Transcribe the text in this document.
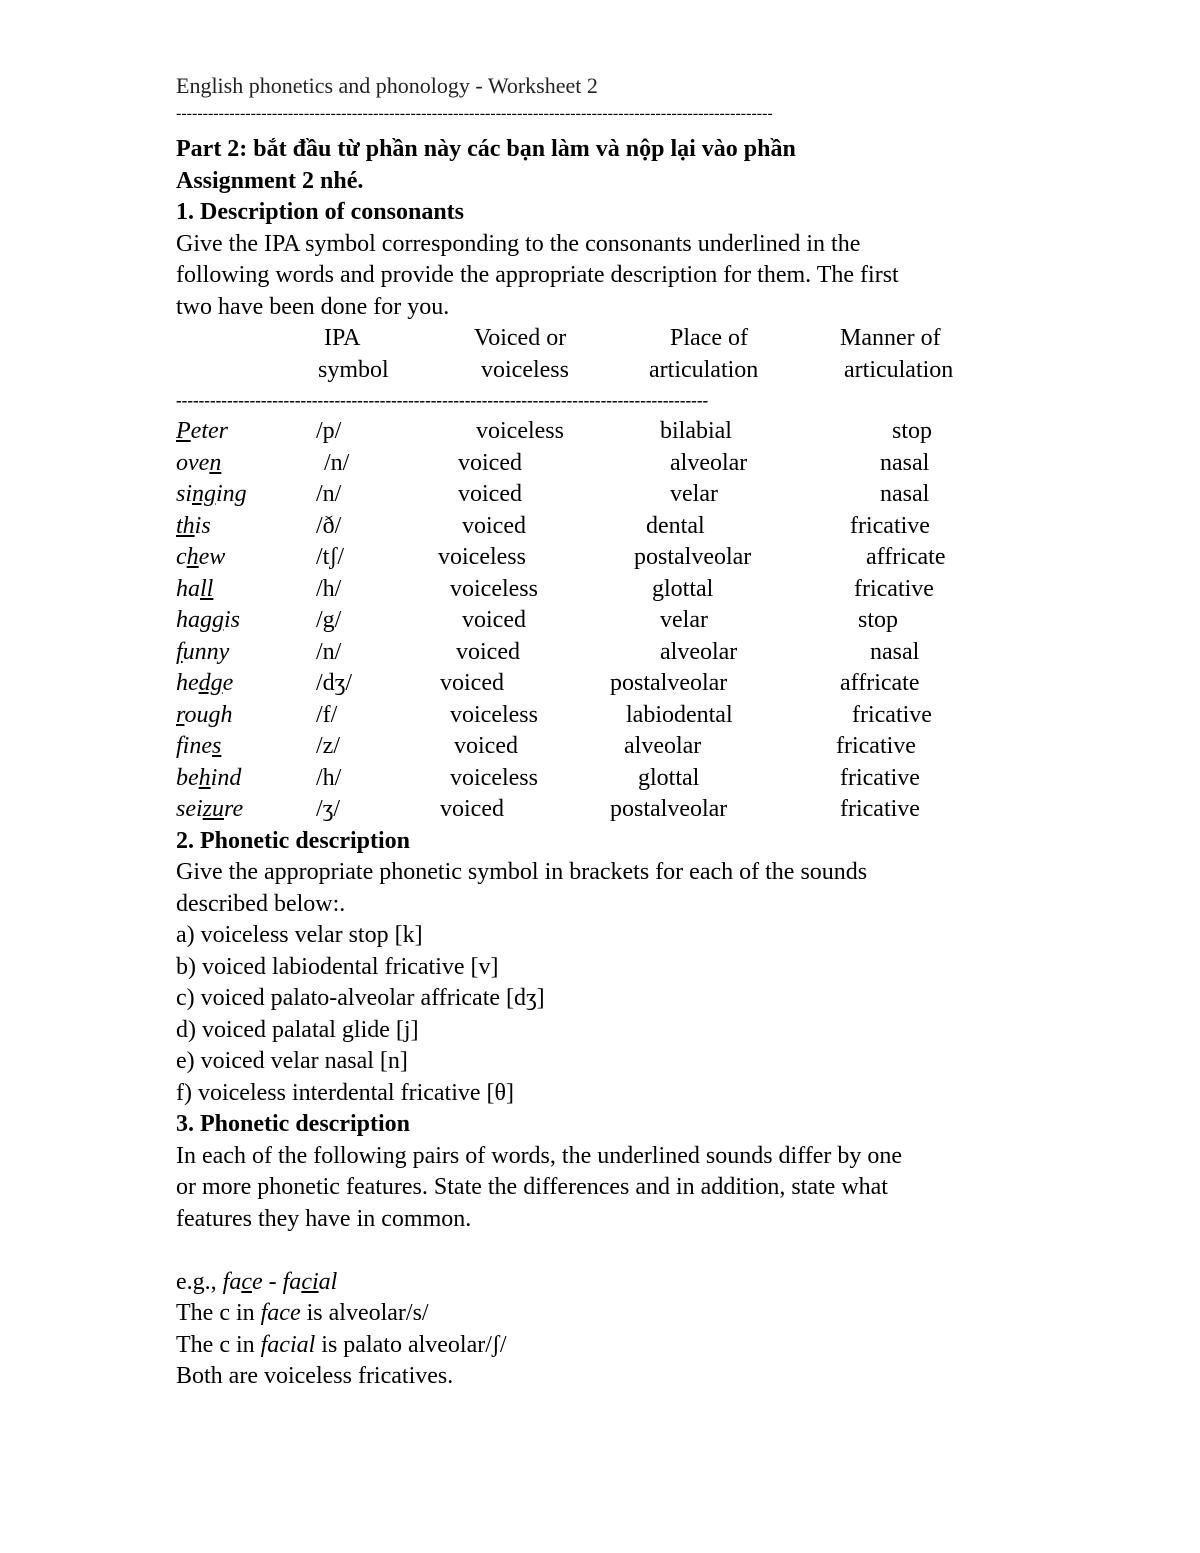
English phonetics and phonology - Worksheet 2
----------------------------------------------------------------------------------------------------------------
Part 2: bắt đầu từ phần này các bạn làm và nộp lại vào phần
Assignment 2 nhé.
1. Description of consonants
Give the IPA symbol corresponding to the consonants underlined in the
following words and provide the appropriate description for them. The first
two have been done for you.
IPA	Voiced or	Place of	Manner of
symbol	voiceless	articulation	articulation
----------------------------------------------------------------------------------------------
Peter	/p/	voiceless	bilabial	stop
oven	/n/	voiced	alveolar	nasal
singing	/n/	voiced	velar	nasal
this	/ð/	voiced	dental	fricative
chew	/tʃ/	voiceless	postalveolar	affricate
hall	/h/	voiceless	glottal	fricative
haggis	/g/	voiced	velar	stop
funny	/n/	voiced	alveolar	nasal
hedge	/dʒ/	voiced	postalveolar	affricate
rough	/f/	voiceless	labiodental	fricative
fines	/z/	voiced	alveolar	fricative
behind	/h/	voiceless	glottal	fricative
seizure	/ʒ/	voiced	postalveolar	fricative
2. Phonetic description
Give the appropriate phonetic symbol in brackets for each of the sounds
described below:.
a) voiceless velar stop [k]
b) voiced labiodental fricative [v]
c) voiced palato-alveolar affricate [dʒ]
d) voiced palatal glide [j]
e) voiced velar nasal [n]
f) voiceless interdental fricative [θ]
3. Phonetic description
In each of the following pairs of words, the underlined sounds differ by one
or more phonetic features. State the differences and in addition, state what
features they have in common.
e.g., face - facial
The c in face is alveolar/s/
The c in facial is palato alveolar/ʃ/
Both are voiceless fricatives.
